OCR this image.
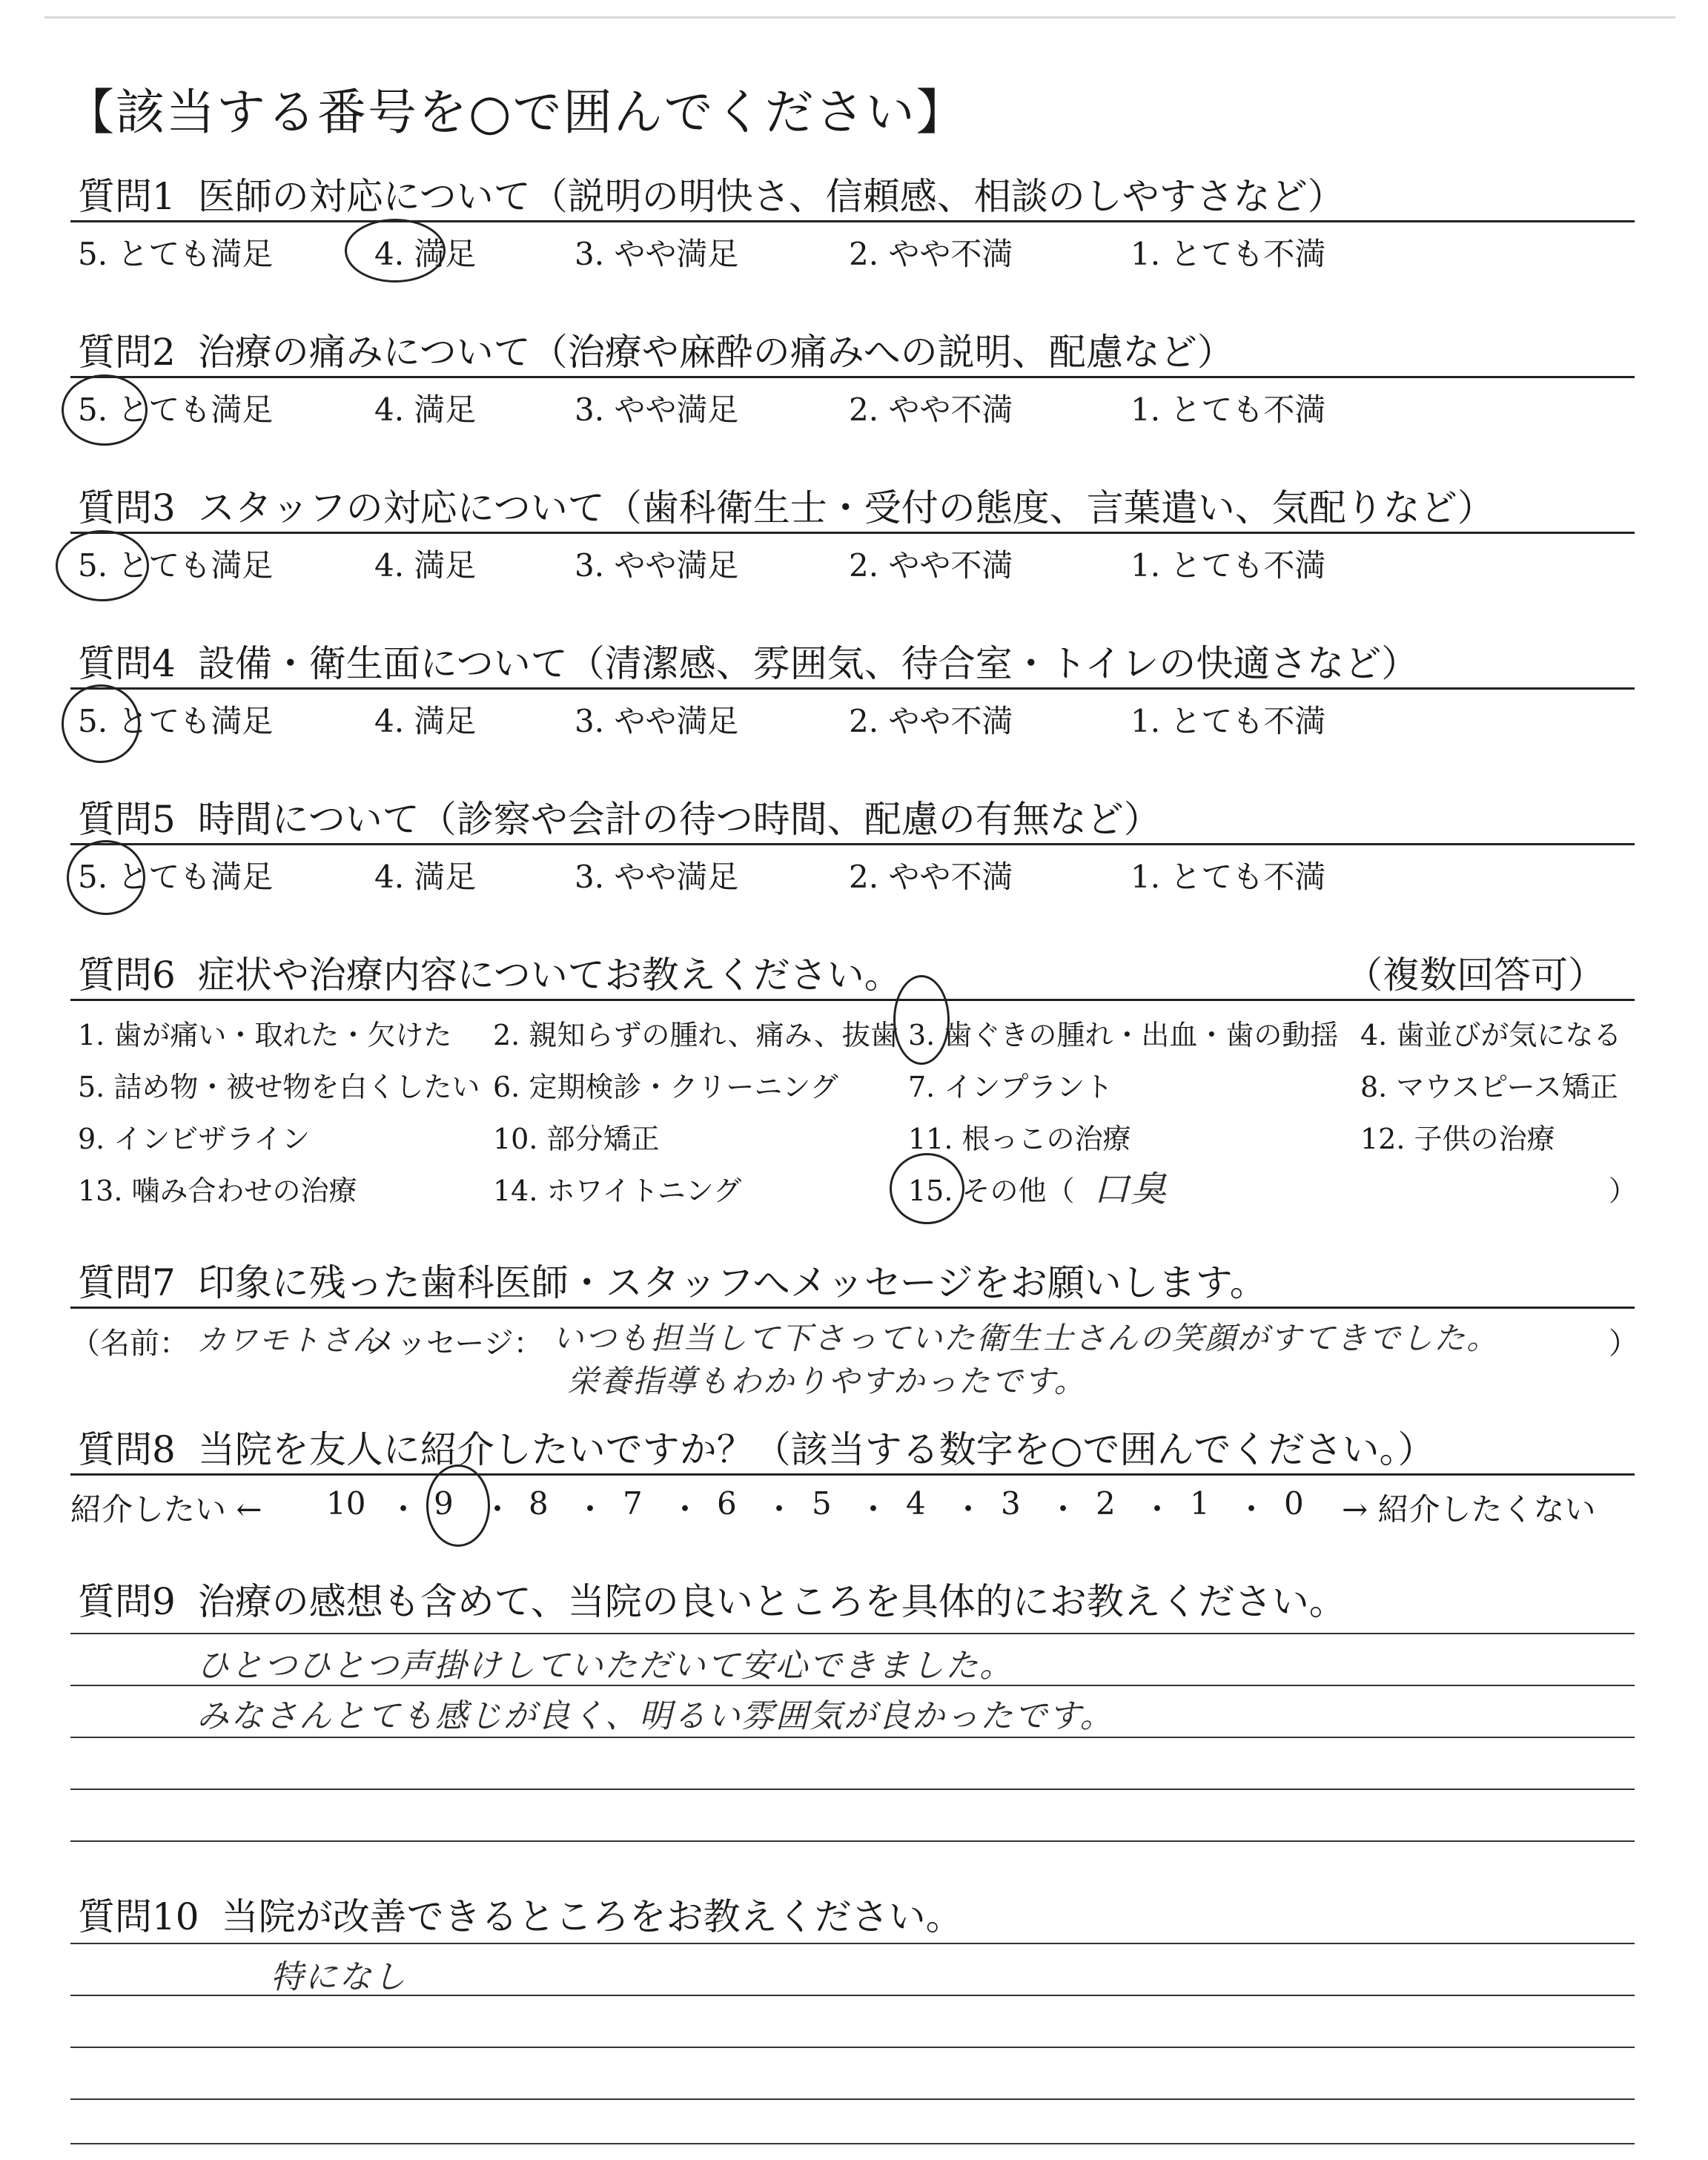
【該当する番号を○で囲んでください】
質問1 医師の対応について（説明の明快さ、信頼感、相談のしやすさなど）
5. とても満足	4. 満足	3. やや満足	2. やや不満	1. とても不満
質問2 治療の痛みについて（治療や麻酔の痛みへの説明、配慮など）
5. とても満足	4. 満足	3. やや満足	2. やや不満	1. とても不満
質問3 スタッフの対応について（歯科衛生士・受付の態度、言葉遣い、気配りなど）
5. とても満足	4. 満足	3. やや満足	2. やや不満	1. とても不満
質問4 設備・衛生面について（清潔感、雰囲気、待合室・トイレの快適さなど）
5. とても満足	4. 満足	3. やや満足	2. やや不満	1. とても不満
質問5 時間について（診察や会計の待つ時間、配慮の有無など）
5. とても満足	4. 満足	3. やや満足	2. やや不満	1. とても不満
質問6 症状や治療内容についてお教えください。	（複数回答可）
1. 歯が痛い・取れた・欠けた 2. 親知らずの腫れ、痛み、抜歯 3. 歯ぐきの腫れ・出血・歯の動揺 4. 歯並びが気になる
5. 詰め物・被せ物を白くしたい 6. 定期検診・クリーニング 7. インプラント	8. マウスピース矯正
9. インビザライン	10. 部分矯正	11. 根っこの治療	12. 子供の治療
13. 噛み合わせの治療	14. ホワイトニング	15. その他（ 口臭	）
質問7 印象に残った歯科医師・スタッフへメッセージをお願いします。
（名前： カワモトさん
メッセージ： いつも担当して下さっていた衛生士さんの笑顔がすてきでした。
栄養指導もわかりやすかったです。
）
質問8 当院を友人に紹介したいですか？（該当する数字を○で囲んでください。）
紹介したい ← 10 ・ 9 ・ 8 ・ 7 ・ 6 ・ 5 ・ 4 ・ 3 ・ 2 ・ 1 ・ 0 → 紹介したくない
質問9 治療の感想も含めて、当院の良いところを具体的にお教えください。
ひとつひとつ声掛けしていただいて安心できました。
みなさんとても感じが良く、明るい雰囲気が良かったです。
質問10 当院が改善できるところをお教えください。
特になし
